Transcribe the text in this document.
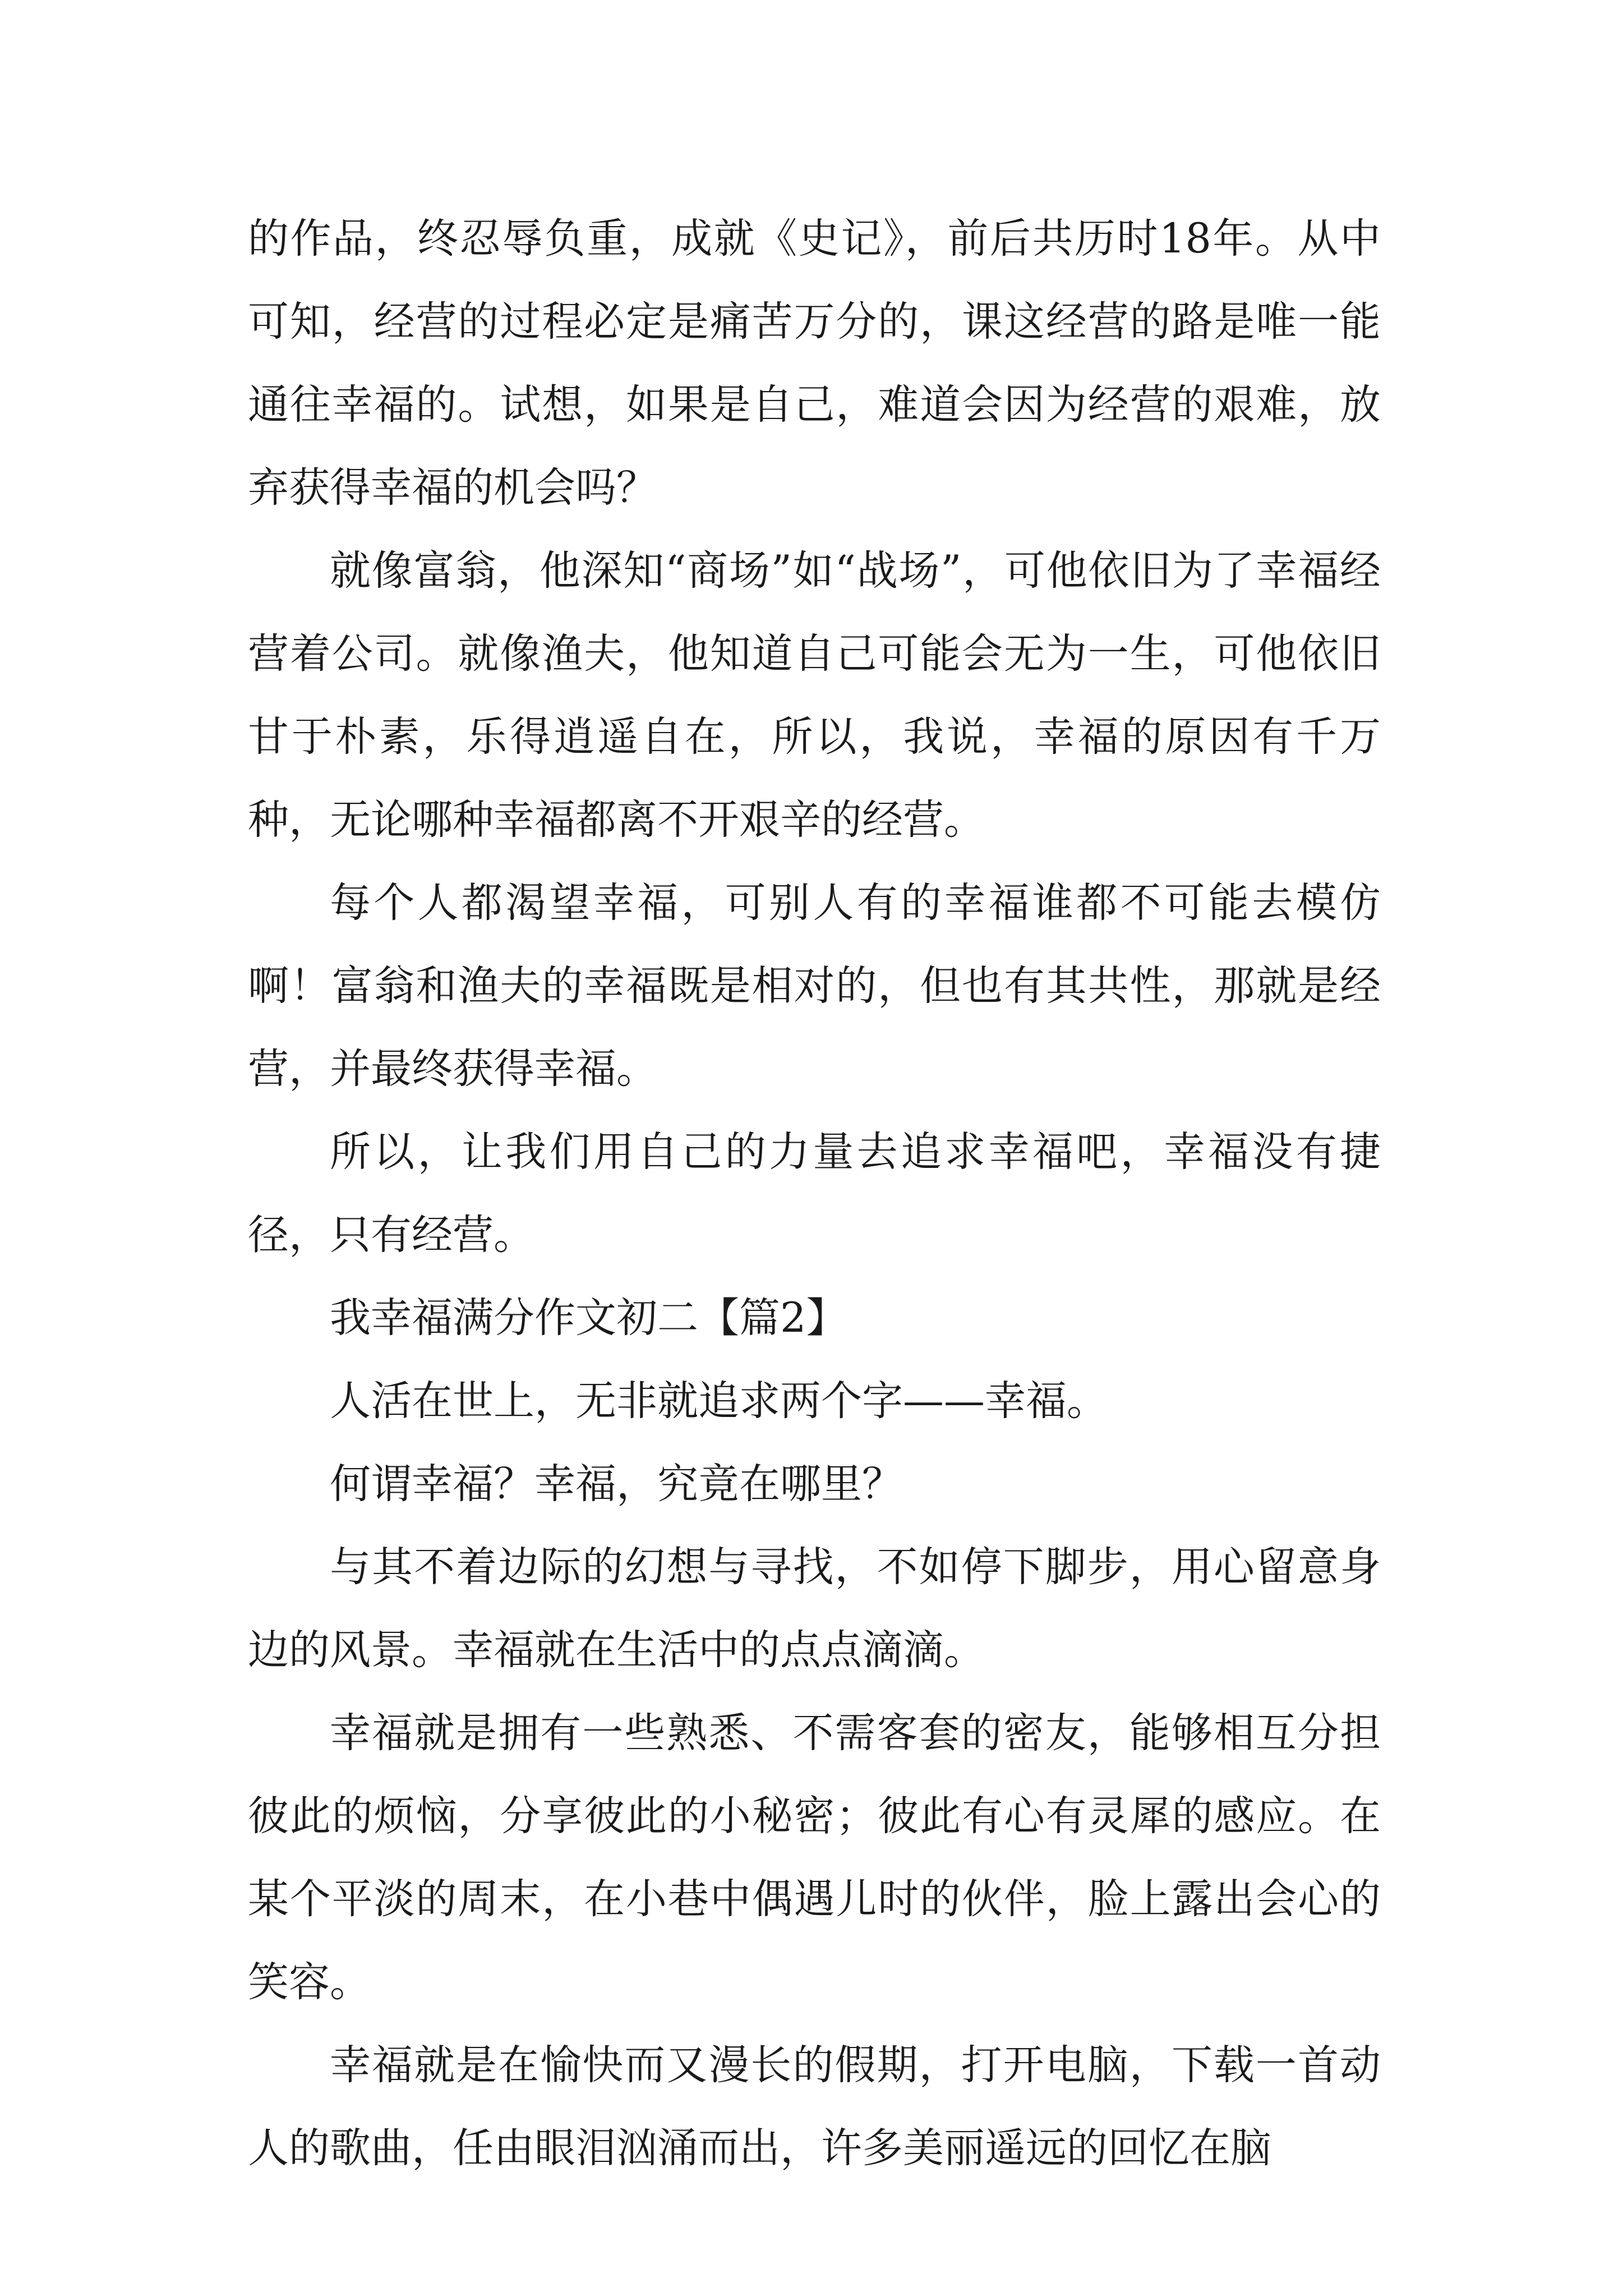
的作品，终忍辱负重，成就《史记》，前后共历时18年。从中可知，经营的过程必定是痛苦万分的，课这经营的路是唯一能通往幸福的。试想，如果是自己，难道会因为经营的艰难，放弃获得幸福的机会吗？

就像富翁，他深知“商场”如“战场”，可他依旧为了幸福经营着公司。就像渔夫，他知道自己可能会无为一生，可他依旧甘于朴素，乐得逍遥自在，所以，我说，幸福的原因有千万种，无论哪种幸福都离不开艰辛的经营。

每个人都渴望幸福，可别人有的幸福谁都不可能去模仿啊！富翁和渔夫的幸福既是相对的，但也有其共性，那就是经营，并最终获得幸福。

所以，让我们用自己的力量去追求幸福吧，幸福没有捷径，只有经营。

我幸福满分作文初二【篇2】

人活在世上，无非就追求两个字——幸福。

何谓幸福？幸福，究竟在哪里？

与其不着边际的幻想与寻找，不如停下脚步，用心留意身边的风景。幸福就在生活中的点点滴滴。

幸福就是拥有一些熟悉、不需客套的密友，能够相互分担彼此的烦恼，分享彼此的小秘密；彼此有心有灵犀的感应。在某个平淡的周末，在小巷中偶遇儿时的伙伴，脸上露出会心的笑容。

幸福就是在愉快而又漫长的假期，打开电脑，下载一首动人的歌曲，任由眼泪汹涌而出，许多美丽遥远的回忆在脑
